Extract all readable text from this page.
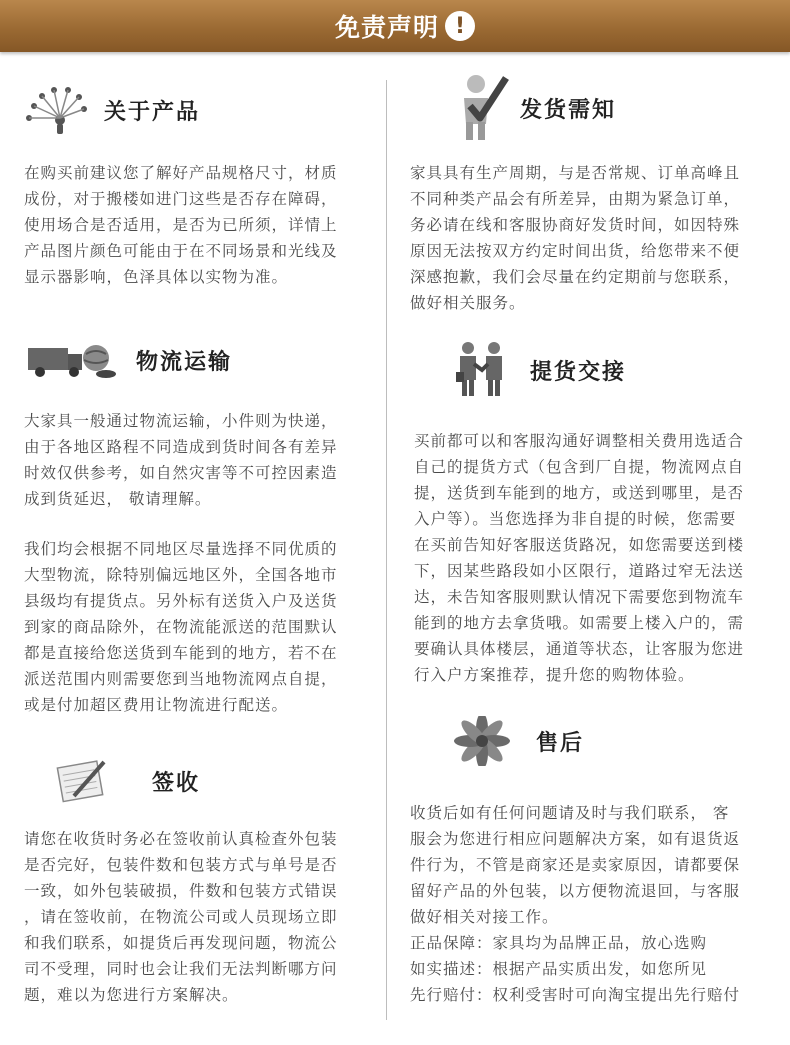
免责声明 !
关于产品

在购买前建议您了解好产品规格尺寸，材质

成份，对于搬楼如进门这些是否存在障碍，

使用场合是否适用，是否为已所须，详情上

产品图片颜色可能由于在不同场景和光线及

显示器影响，色泽具体以实物为准。

物流运输

大家具一般通过物流运输，小件则为快递，

由于各地区路程不同造成到货时间各有差异

时效仅供参考，如自然灾害等不可控因素造

成到货延迟， 敬请理解。

我们均会根据不同地区尽量选择不同优质的

大型物流，除特别偏远地区外，全国各地市

县级均有提货点。另外标有送货入户及送货

到家的商品除外，在物流能派送的范围默认

都是直接给您送货到车能到的地方，若不在

派送范围内则需要您到当地物流网点自提，

或是付加超区费用让物流进行配送。

签收

请您在收货时务必在签收前认真检查外包装

是否完好，包装件数和包装方式与单号是否

一致，如外包装破损，件数和包装方式错误

，请在签收前，在物流公司或人员现场立即

和我们联系，如提货后再发现问题，物流公

司不受理，同时也会让我们无法判断哪方问

题，难以为您进行方案解决。

发货需知

家具具有生产周期，与是否常规、订单高峰且

不同种类产品会有所差异，由期为紧急订单，

务必请在线和客服协商好发货时间，如因特殊

原因无法按双方约定时间出货，给您带来不便

深感抱歉，我们会尽量在约定期前与您联系，

做好相关服务。

提货交接

买前都可以和客服沟通好调整相关费用选适合

自己的提货方式（包含到厂自提，物流网点自

提，送货到车能到的地方，或送到哪里，是否

入户等）。当您选择为非自提的时候，您需要

在买前告知好客服送货路况，如您需要送到楼

下，因某些路段如小区限行，道路过窄无法送

达，未告知客服则默认情况下需要您到物流车

能到的地方去拿货哦。如需要上楼入户的，需

要确认具体楼层，通道等状态，让客服为您进

行入户方案推荐，提升您的购物体验。

售后

收货后如有任何问题请及时与我们联系， 客

服会为您进行相应问题解决方案，如有退货返

件行为，不管是商家还是卖家原因，请都要保

留好产品的外包装，以方便物流退回，与客服

做好相关对接工作。

正品保障：家具均为品牌正品，放心选购

如实描述：根据产品实质出发，如您所见

先行赔付：权利受害时可向淘宝提出先行赔付
